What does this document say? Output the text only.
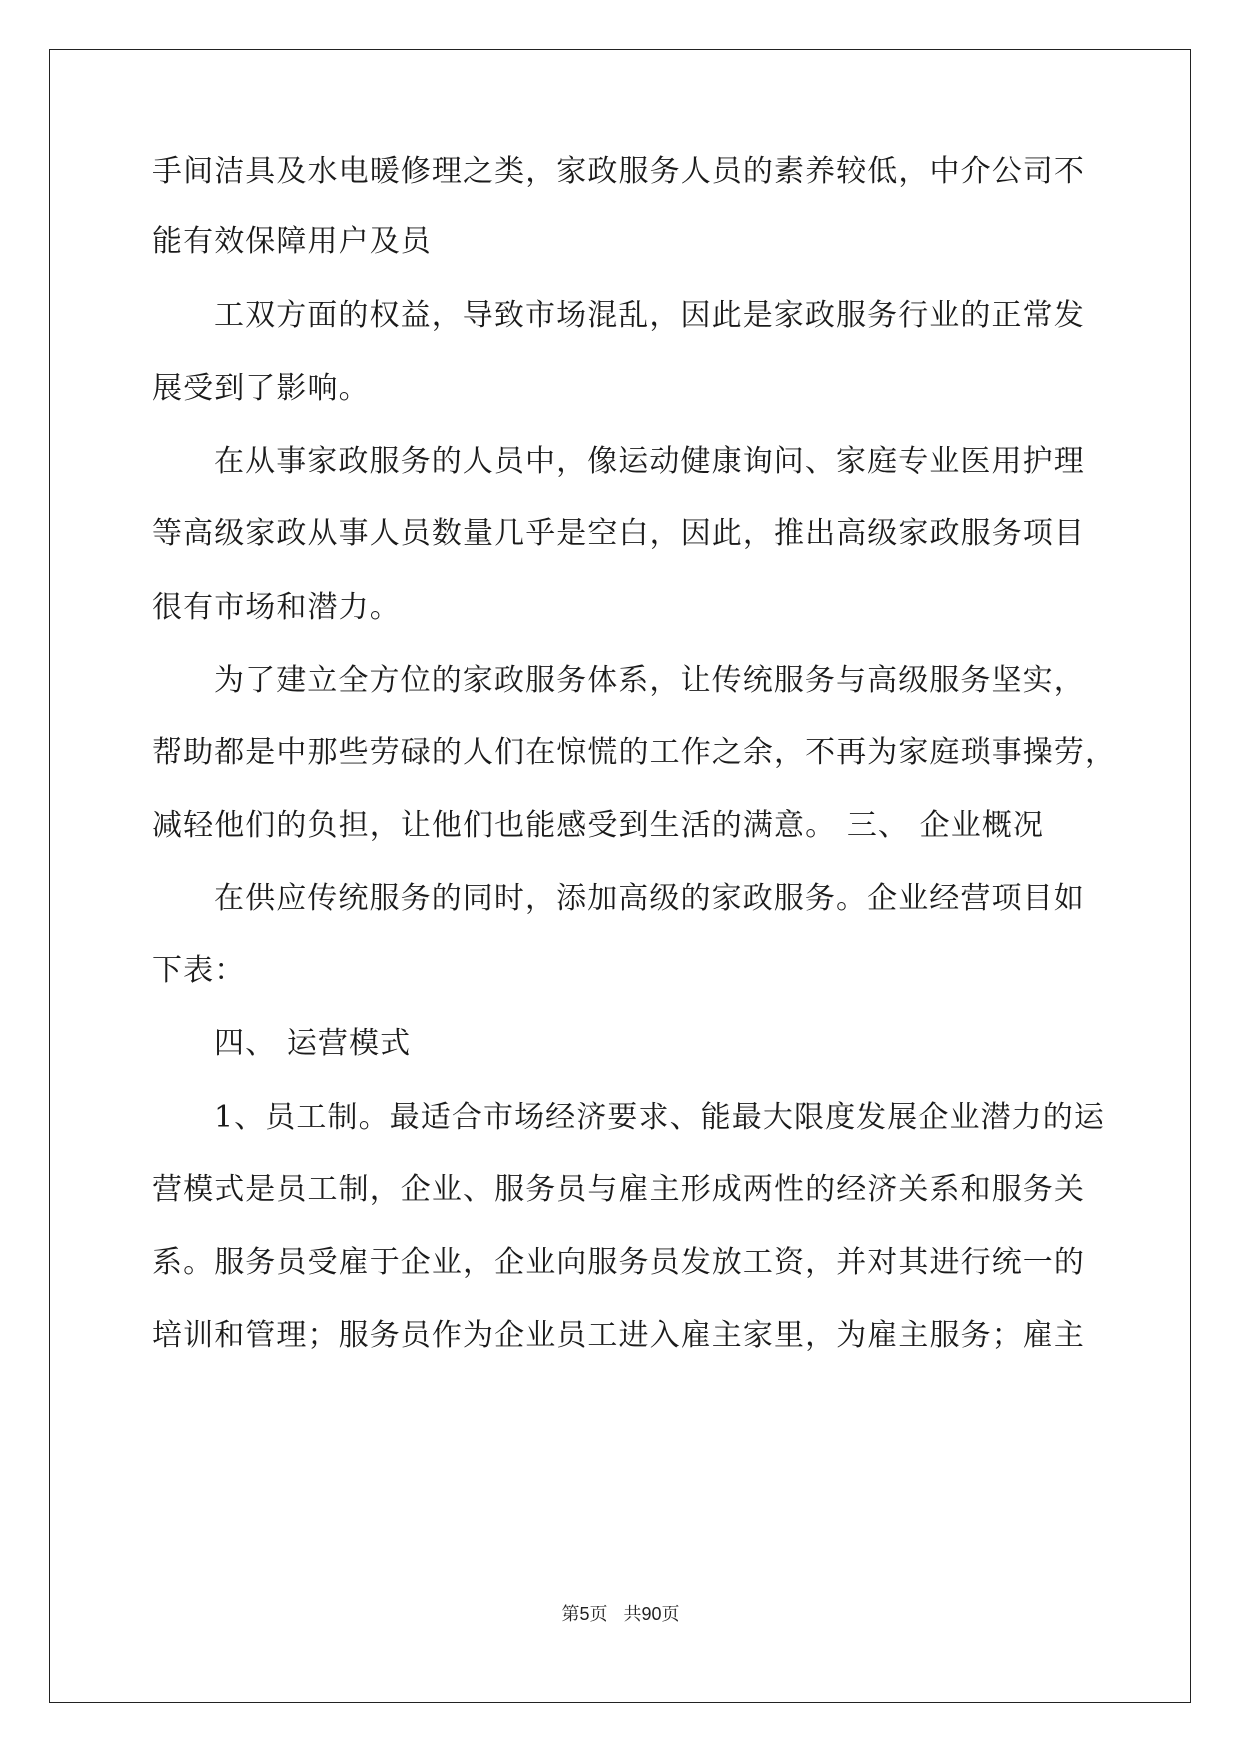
手间洁具及水电暖修理之类，家政服务人员的素养较低，中介公司不
能有效保障用户及员
工双方面的权益，导致市场混乱，因此是家政服务行业的正常发
展受到了影响。
在从事家政服务的人员中，像运动健康询问、家庭专业医用护理
等高级家政从事人员数量几乎是空白，因此，推出高级家政服务项目
很有市场和潜力。
为了建立全方位的家政服务体系，让传统服务与高级服务坚实，
帮助都是中那些劳碌的人们在惊慌的工作之余，不再为家庭琐事操劳，
减轻他们的负担，让他们也能感受到生活的满意。 三、 企业概况
在供应传统服务的同时，添加高级的家政服务。企业经营项目如
下表：
四、 运营模式
1、员工制。最适合市场经济要求、能最大限度发展企业潜力的运
营模式是员工制，企业、服务员与雇主形成两性的经济关系和服务关
系。服务员受雇于企业，企业向服务员发放工资，并对其进行统一的
培训和管理；服务员作为企业员工进入雇主家里，为雇主服务；雇主
第5页 共90页
